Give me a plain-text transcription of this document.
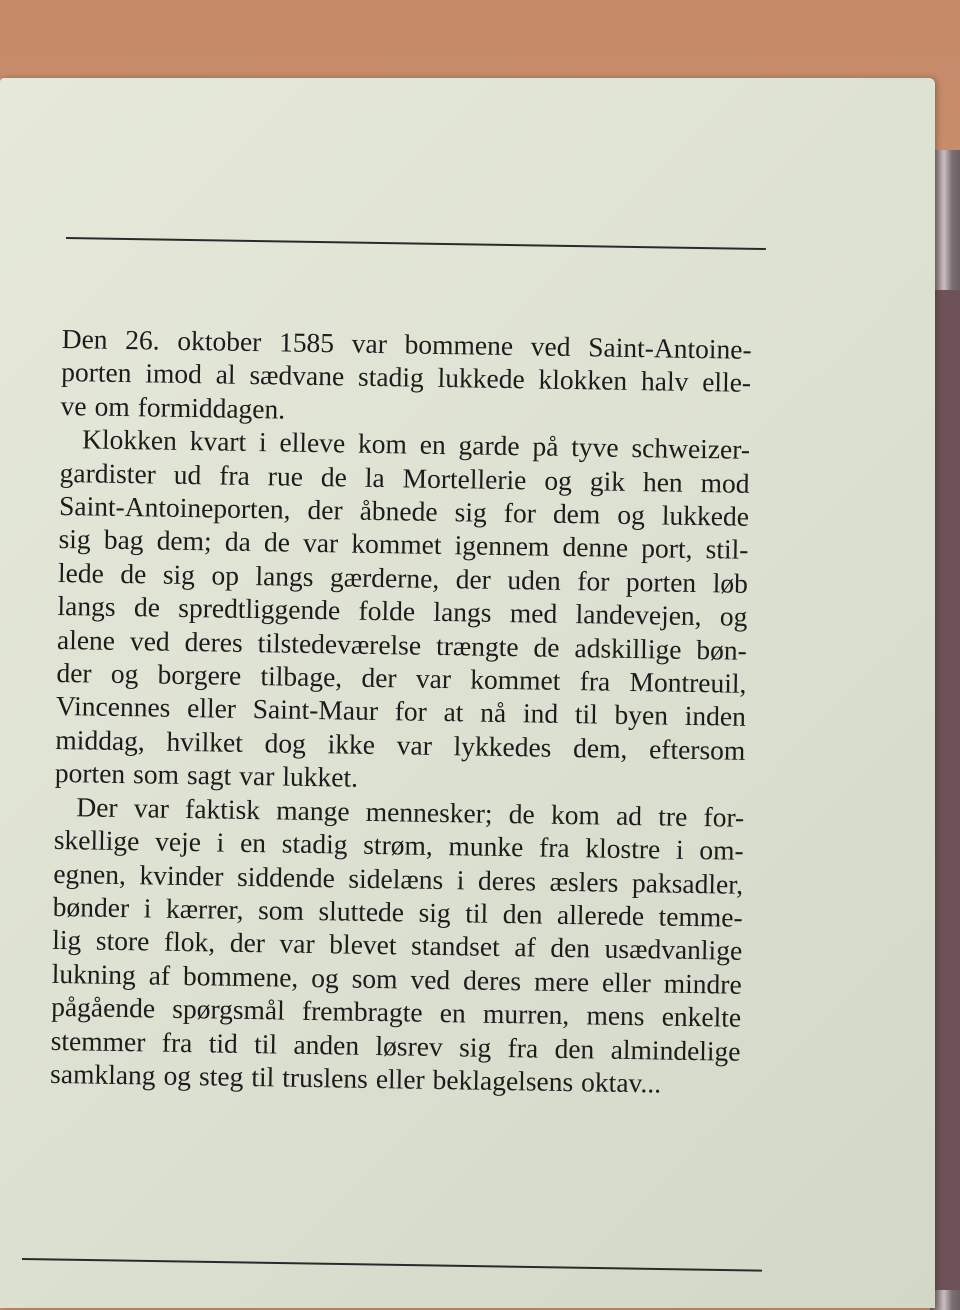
Den 26. oktober 1585 var bommene ved Saint-Antoine-
porten imod al sædvane stadig lukkede klokken halv elle-
ve om formiddagen.
Klokken kvart i elleve kom en garde på tyve schweizer-
gardister ud fra rue de la Mortellerie og gik hen mod
Saint-Antoineporten, der åbnede sig for dem og lukkede
sig bag dem; da de var kommet igennem denne port, stil-
lede de sig op langs gærderne, der uden for porten løb
langs de spredtliggende folde langs med landevejen, og
alene ved deres tilstedeværelse trængte de adskillige bøn-
der og borgere tilbage, der var kommet fra Montreuil,
Vincennes eller Saint-Maur for at nå ind til byen inden
middag, hvilket dog ikke var lykkedes dem, eftersom
porten som sagt var lukket.
Der var faktisk mange mennesker; de kom ad tre for-
skellige veje i en stadig strøm, munke fra klostre i om-
egnen, kvinder siddende sidelæns i deres æslers paksadler,
bønder i kærrer, som sluttede sig til den allerede temme-
lig store flok, der var blevet standset af den usædvanlige
lukning af bommene, og som ved deres mere eller mindre
pågående spørgsmål frembragte en murren, mens enkelte
stemmer fra tid til anden løsrev sig fra den almindelige
samklang og steg til truslens eller beklagelsens oktav...
